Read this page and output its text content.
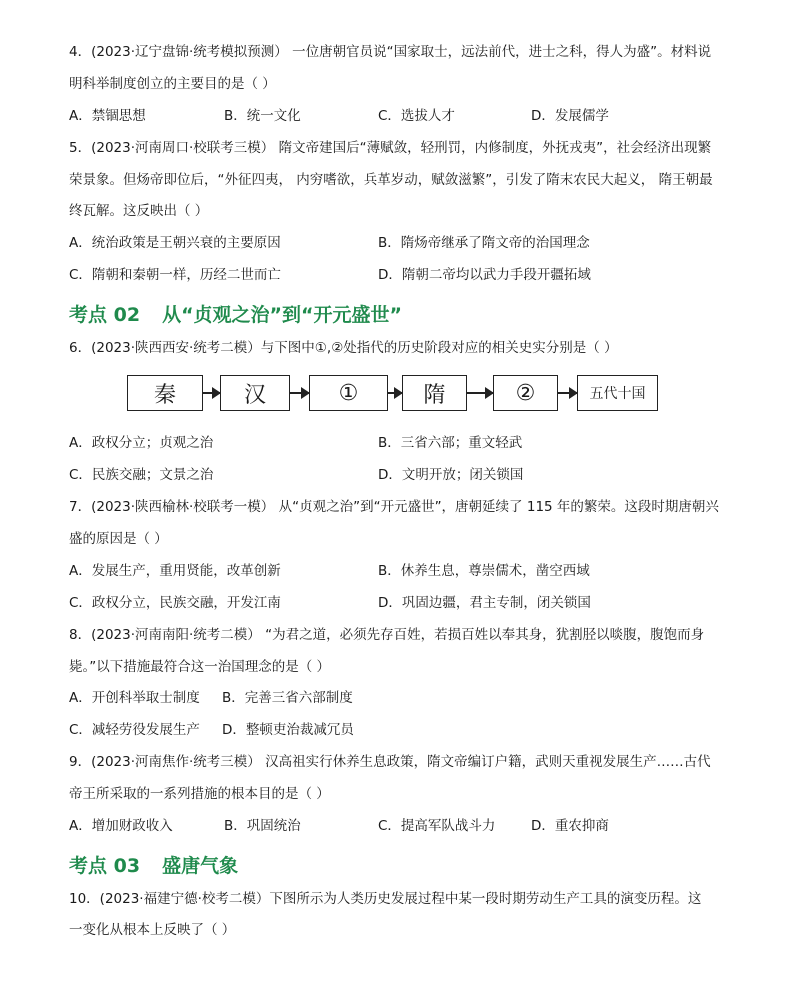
4．(2023·辽宁盘锦·统考模拟预测） 一位唐朝官员说“国家取士，远法前代，进士之科，得人为盛”。材料说
明科举制度创立的主要目的是（ ）
A．禁锢思想	B．统一文化	C．选拔人才	D．发展儒学
5．(2023·河南周口·校联考三模） 隋文帝建国后“薄赋敛，轻刑罚，内修制度，外抚戎夷”，社会经济出现繁
荣景象。但炀帝即位后，“外征四夷， 内穷嗜欲，兵革岁动，赋敛滋繁”，引发了隋末农民大起义， 隋王朝最
终瓦解。这反映出（ ）
A．统治政策是王朝兴衰的主要原因	B．隋炀帝继承了隋文帝的治国理念
C．隋朝和秦朝一样，历经二世而亡	D．隋朝二帝均以武力手段开疆拓域
考点 02 从“贞观之治”到“开元盛世”
6．(2023·陕西西安·统考二模）与下图中①,②处指代的历史阶段对应的相关史实分别是（ ）
秦	汉	①	隋	②	五代十国
A．政权分立；贞观之治	B．三省六部；重文轻武
C．民族交融；文景之治	D．文明开放；闭关锁国
7．(2023·陕西榆林·校联考一模） 从“贞观之治”到“开元盛世”，唐朝延续了 115 年的繁荣。这段时期唐朝兴
盛的原因是（ ）
A．发展生产，重用贤能，改革创新	B．休养生息，尊崇儒术，凿空西域
C．政权分立，民族交融，开发江南	D．巩固边疆，君主专制，闭关锁国
8．(2023·河南南阳·统考二模） “为君之道，必须先存百姓，若损百姓以奉其身，犹割胫以啖腹，腹饱而身
毙。”以下措施最符合这一治国理念的是（ ）
A．开创科举取士制度 B．完善三省六部制度
C．减轻劳役发展生产 D．整顿吏治裁减冗员
9．(2023·河南焦作·统考三模） 汉高祖实行休养生息政策，隋文帝编订户籍，武则天重视发展生产……古代
帝王所采取的一系列措施的根本目的是（ ）
A．增加财政收入	B．巩固统治	C．提高军队战斗力	D．重农抑商
考点 03 盛唐气象
10．(2023·福建宁德·校考二模）下图所示为人类历史发展过程中某一段时期劳动生产工具的演变历程。这
一变化从根本上反映了（ ）
